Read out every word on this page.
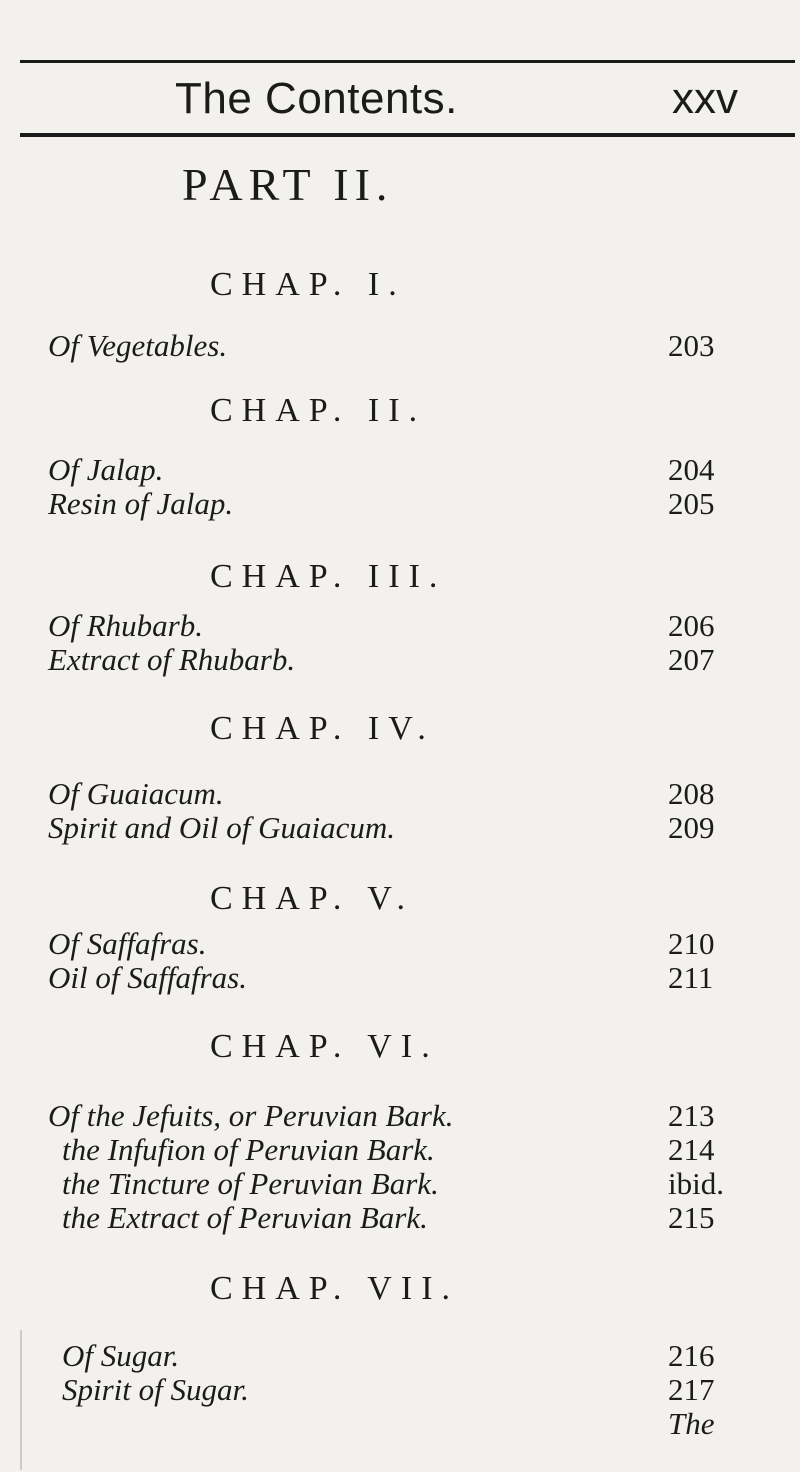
The Contents.	xxv
PART II.
CHAP. I.
Of Vegetables.	203
CHAP. II.
Of Jalap.	204
Resin of Jalap.	205
CHAP. III.
Of Rhubarb.	206
Extract of Rhubarb.	207
CHAP. IV.
Of Guaiacum.	208
Spirit and Oil of Guaiacum.	209
CHAP. V.
Of Saffafras.	210
Oil of Saffafras.	211
CHAP. VI.
Of the Jefuits, or Peruvian Bark.	213
the Infufion of Peruvian Bark.	214
the Tincture of Peruvian Bark.	ibid.
the Extract of Peruvian Bark.	215
CHAP. VII.
Of Sugar.	216
Spirit of Sugar.	217
The
